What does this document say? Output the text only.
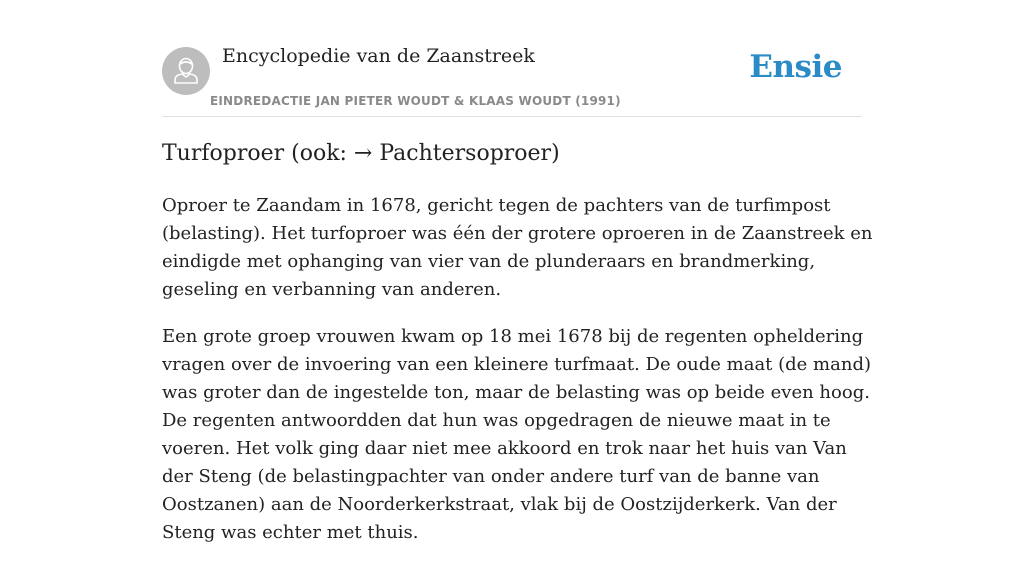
Encyclopedie van de Zaanstreek
EINDREDACTIE JAN PIETER WOUDT & KLAAS WOUDT (1991)
Ensie
Turfoproer (ook: → Pachtersoproer)

Oproer te Zaandam in 1678, gericht tegen de pachters van de turfimpost (belasting). Het turfoproer was één der grotere oproeren in de Zaanstreek en eindigde met ophanging van vier van de plunderaars en brandmerking, geseling en verbanning van anderen.

Een grote groep vrouwen kwam op 18 mei 1678 bij de regenten opheldering vragen over de invoering van een kleinere turfmaat. De oude maat (de mand) was groter dan de ingestelde ton, maar de belasting was op beide even hoog. De regenten antwoordden dat hun was opgedragen de nieuwe maat in te voeren. Het volk ging daar niet mee akkoord en trok naar het huis van Van der Steng (de belastingpachter van onder andere turf van de banne van Oostzanen) aan de Noorderkerkstraat, vlak bij de Oostzijderkerk. Van der Steng was echter met thuis.
